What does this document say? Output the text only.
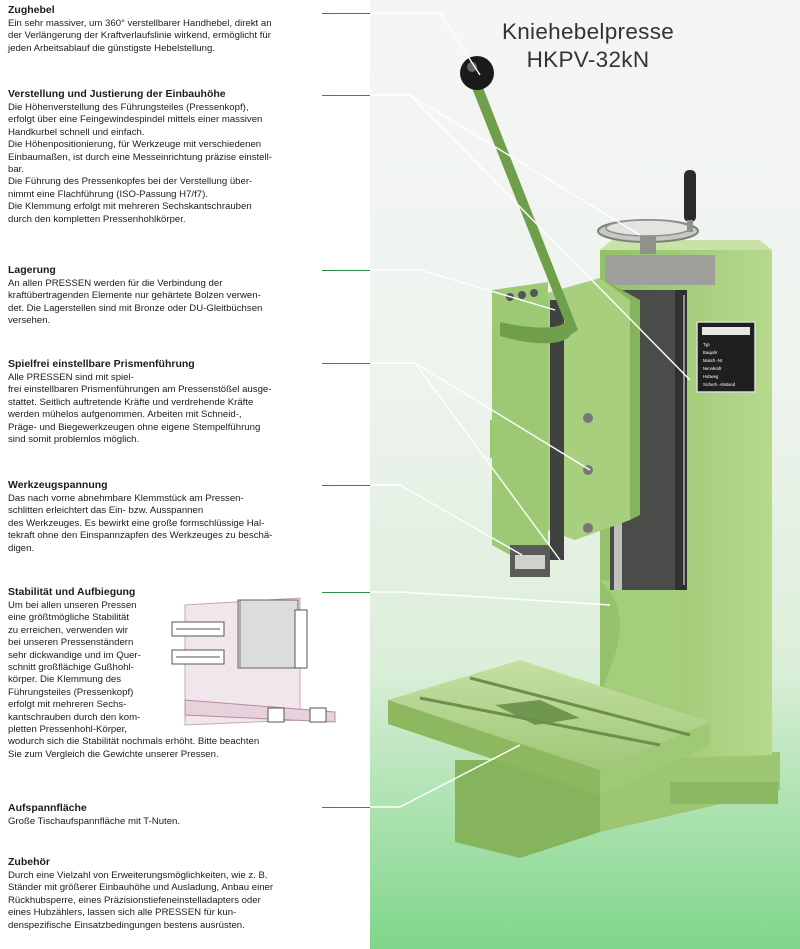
Kniehebelpresse
HKPV-32kN
Zughebel

Ein sehr massiver, um 360° verstellbarer Handhebel, direkt an
der Verlängerung der Kraftverlaufslinie wirkend, ermöglicht für
jeden Arbeitsablauf die günstigste Hebelstellung.

Verstellung und Justierung der Einbauhöhe

Die Höhenverstellung des Führungsteiles (Pressenkopf),
erfolgt über eine Feingewindespindel mittels einer massiven
Handkurbel schnell und einfach.
Die Höhenpositionierung, für Werkzeuge mit verschiedenen
Einbaumaßen, ist durch eine Messeinrichtung präzise einstell-
bar.
Die Führung des Pressenkopfes bei der Verstellung über-
nimmt eine Flachführung (ISO-Passung H7/f7).
Die Klemmung erfolgt mit mehreren Sechskantschrauben
durch den kompletten Pressenhohlkörper.

Lagerung

An allen PRESSEN werden für die Verbindung der
kraftübertragenden Elemente nur gehärtete Bolzen verwen-
det. Die Lagerstellen sind mit Bronze oder DU-Gleitbüchsen
versehen.

Spielfrei einstellbare Prismenführung

Alle PRESSEN sind mit spiel-
frei einstellbaren Prismenführungen am Pressenstößel ausge-
stattet. Seitlich auftretende Kräfte und verdrehende Kräfte
werden mühelos aufgenommen. Arbeiten mit Schneid-,
Präge- und Biegewerkzeugen ohne eigene Stempelführung
sind somit problemlos möglich.

Werkzeugspannung

Das nach vorne abnehmbare Klemmstück am Pressen-
schlitten erleichtert das Ein- bzw. Ausspannen
des Werkzeuges. Es bewirkt eine große formschlüssige Hal-
tekraft ohne den Einspannzapfen des Werkzeuges zu beschä-
digen.

Stabilität und Aufbiegung

Um bei allen unseren Pressen
eine größtmögliche Stabilität
zu erreichen, verwenden wir
bei unseren Pressenständern
sehr dickwandige und im Quer-
schnitt großflächige Gußhohl-
körper. Die Klemmung des
Führungsteiles (Pressenkopf)
erfolgt mit mehreren Sechs-
kantschrauben durch den kom-
pletten Pressenhohl-Körper,
wodurch sich die Stabilität nochmals erhöht. Bitte beachten
Sie zum Vergleich die Gewichte unserer Pressen.

Aufspannfläche

Große Tischaufspannfläche mit T-Nuten.

Zubehör

Durch eine Vielzahl von Erweiterungsmöglichkeiten, wie z. B.
Ständer mit größerer Einbauhöhe und Ausladung, Anbau einer
Rückhubsperre, eines Präzisionstiefeneinstelladapters oder
eines Hubzählers, lassen sich alle PRESSEN für kun-
denspezifische Einsatzbedingungen bestens ausrüsten.

Typ
Baujahr
Masch.-Nr.
Nennkraft
Hubweg
Sicherh.-Abstand
